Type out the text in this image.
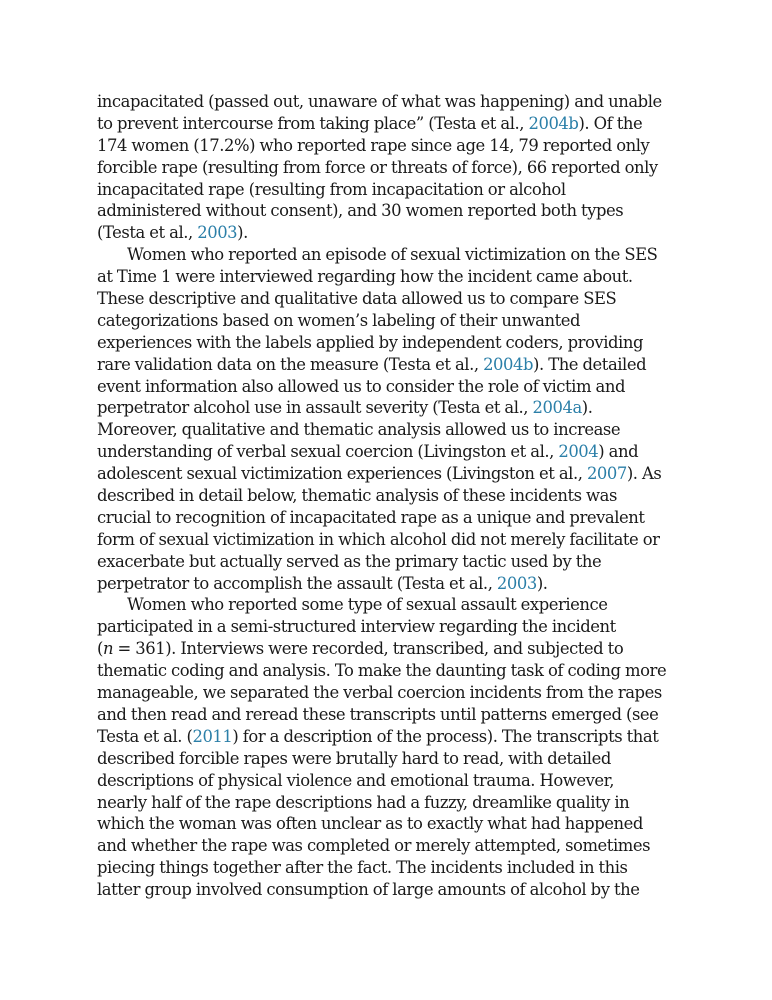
incapacitated (passed out, unaware of what was happening) and unable
to prevent intercourse from taking place” (Testa et al., 2004b). Of the
174 women (17.2%) who reported rape since age 14, 79 reported only
forcible rape (resulting from force or threats of force), 66 reported only
incapacitated rape (resulting from incapacitation or alcohol
administered without consent), and 30 women reported both types
(Testa et al., 2003).
Women who reported an episode of sexual victimization on the SES
at Time 1 were interviewed regarding how the incident came about.
These descriptive and qualitative data allowed us to compare SES
categorizations based on women’s labeling of their unwanted
experiences with the labels applied by independent coders, providing
rare validation data on the measure (Testa et al., 2004b). The detailed
event information also allowed us to consider the role of victim and
perpetrator alcohol use in assault severity (Testa et al., 2004a).
Moreover, qualitative and thematic analysis allowed us to increase
understanding of verbal sexual coercion (Livingston et al., 2004) and
adolescent sexual victimization experiences (Livingston et al., 2007). As
described in detail below, thematic analysis of these incidents was
crucial to recognition of incapacitated rape as a unique and prevalent
form of sexual victimization in which alcohol did not merely facilitate or
exacerbate but actually served as the primary tactic used by the
perpetrator to accomplish the assault (Testa et al., 2003).
Women who reported some type of sexual assault experience
participated in a semi-structured interview regarding the incident
(n = 361). Interviews were recorded, transcribed, and subjected to
thematic coding and analysis. To make the daunting task of coding more
manageable, we separated the verbal coercion incidents from the rapes
and then read and reread these transcripts until patterns emerged (see
Testa et al. (2011) for a description of the process). The transcripts that
described forcible rapes were brutally hard to read, with detailed
descriptions of physical violence and emotional trauma. However,
nearly half of the rape descriptions had a fuzzy, dreamlike quality in
which the woman was often unclear as to exactly what had happened
and whether the rape was completed or merely attempted, sometimes
piecing things together after the fact. The incidents included in this
latter group involved consumption of large amounts of alcohol by the
